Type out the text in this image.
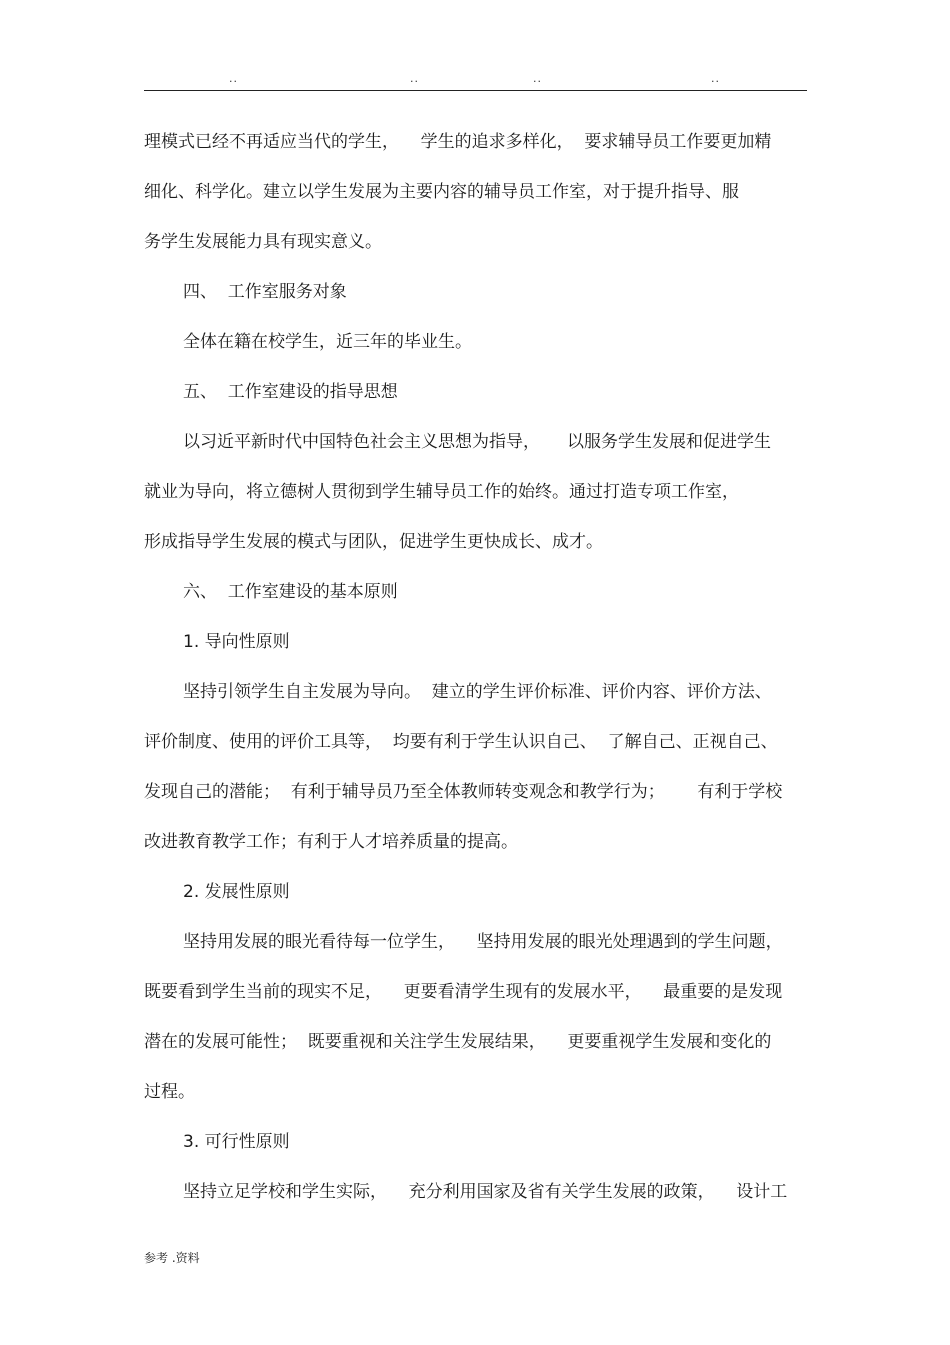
..	..	..	..
理模式已经不再适应当代的学生，    学生的追求多样化，  要求辅导员工作要更加精
细化、科学化。建立以学生发展为主要内容的辅导员工作室，对于提升指导、服
务学生发展能力具有现实意义。
四、  工作室服务对象
全体在籍在校学生，近三年的毕业生。
五、  工作室建设的指导思想
以习近平新时代中国特色社会主义思想为指导，     以服务学生发展和促进学生
就业为导向，将立德树人贯彻到学生辅导员工作的始终。通过打造专项工作室，
形成指导学生发展的模式与团队，促进学生更快成长、成才。
六、  工作室建设的基本原则
1. 导向性原则
坚持引领学生自主发展为导向。  建立的学生评价标准、评价内容、评价方法、
评价制度、使用的评价工具等，  均要有利于学生认识自己、  了解自己、正视自己、
发现自己的潜能；  有利于辅导员乃至全体教师转变观念和教学行为；      有利于学校
改进教育教学工作；有利于人才培养质量的提高。
2. 发展性原则
坚持用发展的眼光看待每一位学生，    坚持用发展的眼光处理遇到的学生问题，
既要看到学生当前的现实不足，    更要看清学生现有的发展水平，    最重要的是发现
潜在的发展可能性；  既要重视和关注学生发展结果，    更要重视学生发展和变化的
过程。
3. 可行性原则
坚持立足学校和学生实际，    充分利用国家及省有关学生发展的政策，    设计工
参考 .资料
